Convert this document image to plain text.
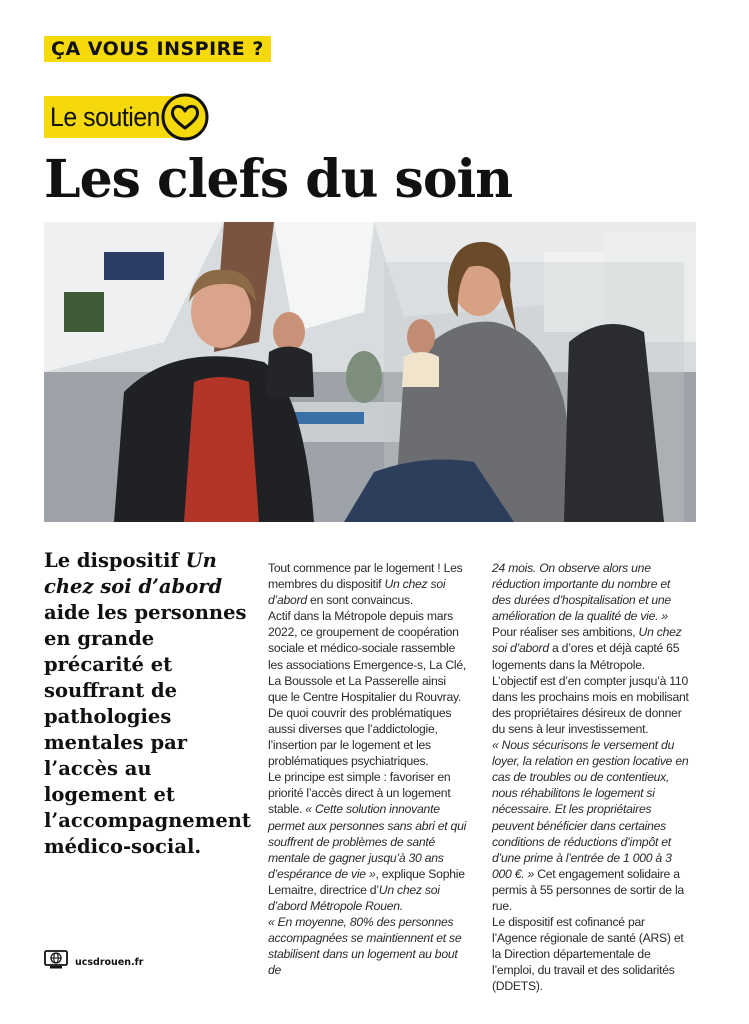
ÇA VOUS INSPIRE ?
Le soutien
Les clefs du soin

Le dispositif Un chez soi d’abord aide les personnes en grande précarité et souffrant de pathologies mentales par l’accès au logement et l’accompagnement médico-social.

Tout commence par le logement ! Les membres du dispositif Un chez soi d’abord en sont convaincus.

Actif dans la Métropole depuis mars 2022, ce groupement de coopération sociale et médico-sociale rassemble les associations Emergence-s, La Clé, La Boussole et La Passerelle ainsi que le Centre Hospitalier du Rouvray. De quoi couvrir des problématiques aussi diverses que l’addictologie, l’insertion par le logement et les problématiques psychiatriques.

Le principe est simple : favoriser en priorité l’accès direct à un logement stable. « Cette solution innovante permet aux personnes sans abri et qui souffrent de problèmes de santé mentale de gagner jusqu’à 30 ans d’espérance de vie », explique Sophie Lemaitre, directrice d’Un chez soi d’abord Métropole Rouen.

« En moyenne, 80% des personnes accompagnées se maintiennent et se stabilisent dans un logement au bout de

24 mois. On observe alors une réduction importante du nombre et des durées d’hospitalisation et une amélioration de la qualité de vie. »

Pour réaliser ses ambitions, Un chez soi d’abord a d’ores et déjà capté 65 logements dans la Métropole. L’objectif est d’en compter jusqu’à 110 dans les prochains mois en mobilisant des propriétaires désireux de donner du sens à leur investissement.

« Nous sécurisons le versement du loyer, la relation en gestion locative en cas de troubles ou de contentieux, nous réhabilitons le logement si nécessaire. Et les propriétaires peuvent bénéficier dans certaines conditions de réductions d’impôt et d’une prime à l’entrée de 1 000 à 3 000 €. » Cet engagement solidaire a permis à 55 personnes de sortir de la rue.

Le dispositif est cofinancé par l’Agence régionale de santé (ARS) et la Direction départementale de l’emploi, du travail et des solidarités (DDETS).

ucsdrouen.fr
